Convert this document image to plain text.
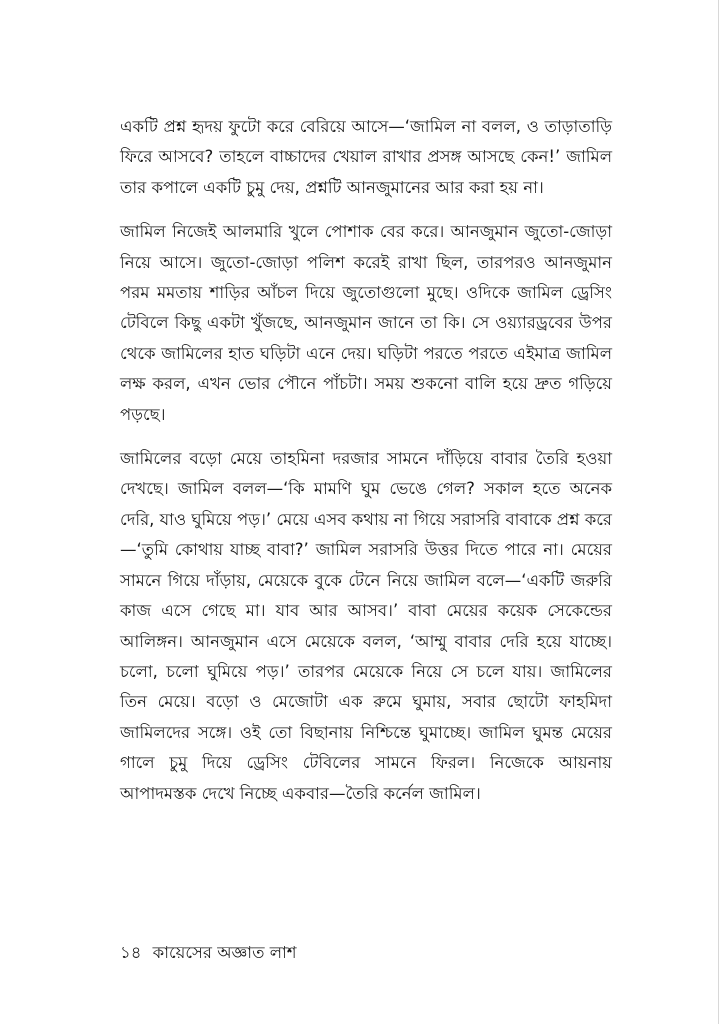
একটি প্রশ্ন হৃদয় ফুটো করে বেরিয়ে আসে—‘জামিল না বলল, ও তাড়াতাড়ি ফিরে আসবে? তাহলে বাচ্চাদের খেয়াল রাখার প্রসঙ্গ আসছে কেন!’ জামিল তার কপালে একটি চুমু দেয়, প্রশ্নটি আনজুমানের আর করা হয় না।

জামিল নিজেই আলমারি খুলে পোশাক বের করে। আনজুমান জুতো-জোড়া নিয়ে আসে। জুতো-জোড়া পলিশ করেই রাখা ছিল, তারপরও আনজুমান পরম মমতায় শাড়ির আঁচল দিয়ে জুতোগুলো মুছে। ওদিকে জামিল ড্রেসিং টেবিলে কিছু একটা খুঁজছে, আনজুমান জানে তা কি। সে ওয়্যারড্রবের উপর থেকে জামিলের হাত ঘড়িটা এনে দেয়। ঘড়িটা পরতে পরতে এইমাত্র জামিল লক্ষ করল, এখন ভোর পৌনে পাঁচটা। সময় শুকনো বালি হয়ে দ্রুত গড়িয়ে পড়ছে।

জামিলের বড়ো মেয়ে তাহমিনা দরজার সামনে দাঁড়িয়ে বাবার তৈরি হওয়া দেখছে। জামিল বলল—‘কি মামণি ঘুম ভেঙে গেল? সকাল হতে অনেক দেরি, যাও ঘুমিয়ে পড়।’ মেয়ে এসব কথায় না গিয়ে সরাসরি বাবাকে প্রশ্ন করে—‘তুমি কোথায় যাচ্ছ বাবা?’ জামিল সরাসরি উত্তর দিতে পারে না। মেয়ের সামনে গিয়ে দাঁড়ায়, মেয়েকে বুকে টেনে নিয়ে জামিল বলে—‘একটি জরুরি কাজ এসে গেছে মা। যাব আর আসব।’ বাবা মেয়ের কয়েক সেকেন্ডের আলিঙ্গন। আনজুমান এসে মেয়েকে বলল, ‘আম্মু বাবার দেরি হয়ে যাচ্ছে। চলো, চলো ঘুমিয়ে পড়।’ তারপর মেয়েকে নিয়ে সে চলে যায়। জামিলের তিন মেয়ে। বড়ো ও মেজোটা এক রুমে ঘুমায়, সবার ছোটো ফাহমিদা জামিলদের সঙ্গে। ওই তো বিছানায় নিশ্চিন্তে ঘুমাচ্ছে। জামিল ঘুমন্ত মেয়ের গালে চুমু দিয়ে ড্রেসিং টেবিলের সামনে ফিরল। নিজেকে আয়নায় আপাদমস্তক দেখে নিচ্ছে একবার—তৈরি কর্নেল জামিল।

১৪ কায়েসের অজ্ঞাত লাশ
